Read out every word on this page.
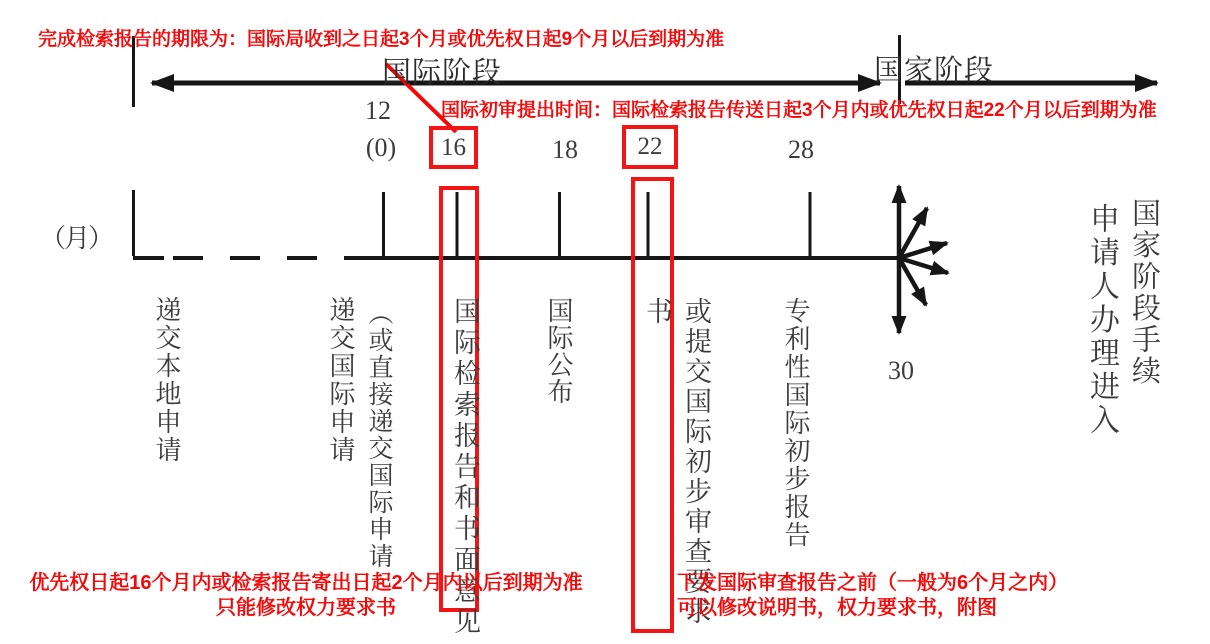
16	22
完成检索报告的期限为：国际局收到之日起3个月或优先权日起9个月以后到期为准
国际阶段	国家阶段
国际初审提出时间：国际检索报告传送日起3个月内或优先权日起22个月以后到期为准
12
(0)	18	28
30
（月）
递交本地申请	递交国际申请 （或直接递交国际申请 国际检索报告和书面意见 国际公布	或提交国际初步审查要求书	专利性国际初步报告	申请人办理进入 国家阶段手续
优先权日起16个月内或检索报告寄出日起2个月内以后到期为准
只能修改权力要求书
下发国际审查报告之前（一般为6个月之内）
可以修改说明书，权力要求书，附图
